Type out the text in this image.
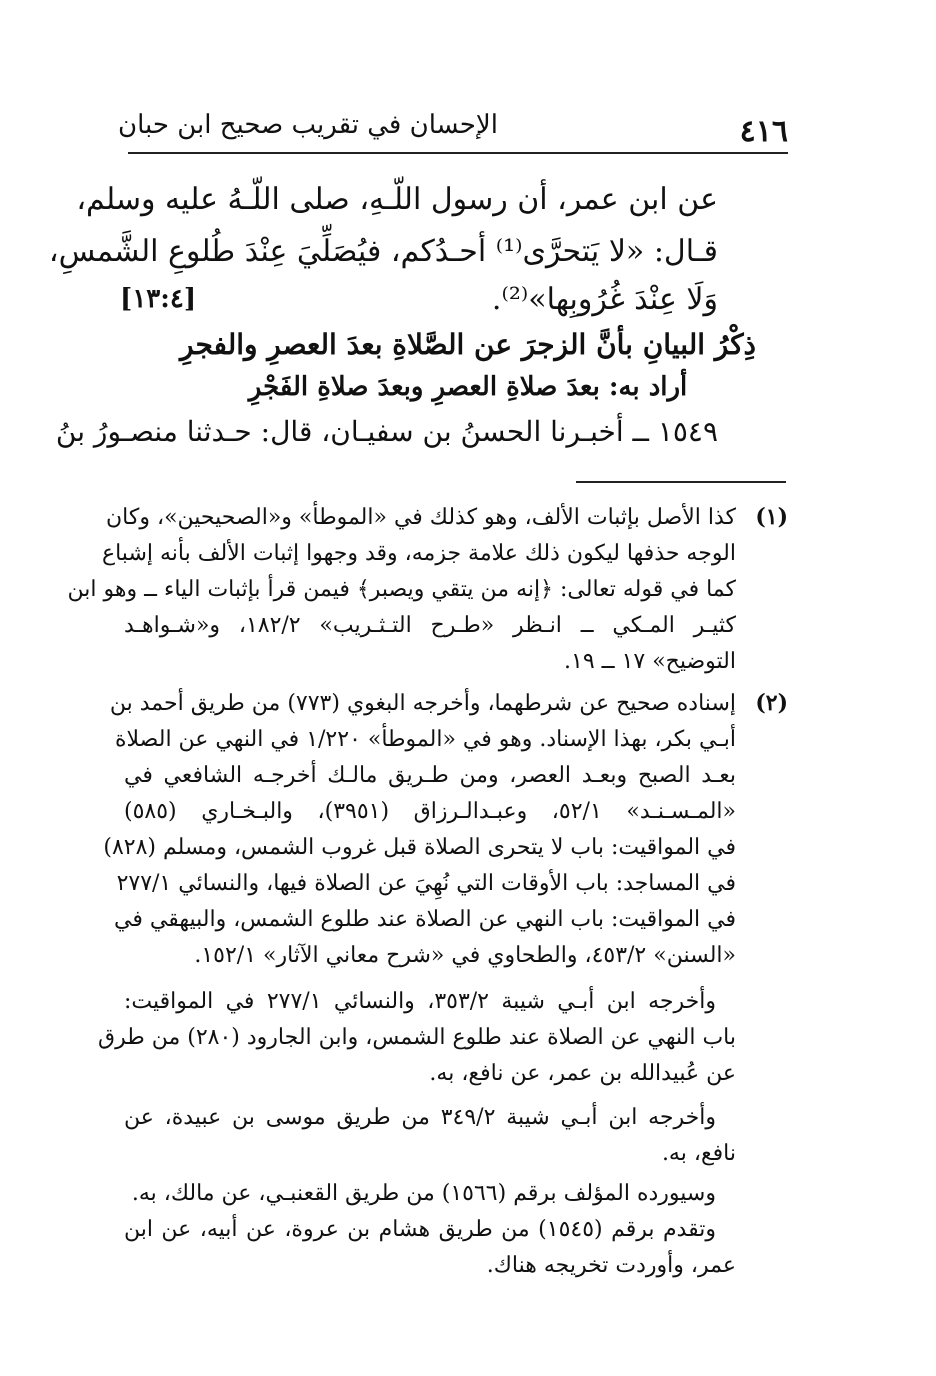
٤١٦
الإحسان في تقريب صحيح ابن حبان
عن ابن عمر، أن رسول اللّـهِ، صلى اللّـهُ عليه وسلم،
قـال: «لا يَتحرَّى⁽¹⁾ أحـدُكم، فيُصَلِّيَ عِنْدَ طُلوعِ الشَّمسِ،
وَلَا عِنْدَ غُرُوبِها»⁽²⁾.
[١٣:٤]
ذِكْرُ البيانِ بأنَّ الزجرَ عن الصَّلاةِ بعدَ العصرِ والفجرِ
أراد به: بعدَ صلاةِ العصرِ وبعدَ صلاةِ الفَجْرِ
١٥٤٩ ــ أخبـرنا الحسنُ بن سفيـان، قال: حـدثنا منصـورُ بنُ
(١)
كذا الأصل بإثبات الألف، وهو كذلك في «الموطأ» و«الصحيحين»، وكان
الوجه حذفها ليكون ذلك علامة جزمه، وقد وجهوا إثبات الألف بأنه إشباع
كما في قوله تعالى: ﴿إنه من يتقي ويصبر﴾ فيمن قرأ بإثبات الياء ــ وهو ابن
كثيـر المـكي ــ انـظر «طـرح التـثـريب» ١٨٢/٢، و«شـواهـد
التوضيح» ١٧ ــ ١٩.
(٢)
إسناده صحيح عن شرطهما، وأخرجه البغوي (٧٧٣) من طريق أحمد بن
أبـي بكر، بهذا الإسناد. وهو في «الموطأ» ١/٢٢٠ في النهي عن الصلاة
بعـد الصبح وبعـد العصر، ومن طـريق مالـك أخرجـه الشافعي في
«المـسـنـد» ٥٢/١، وعبـدالـرزاق (٣٩٥١)، والبـخـاري (٥٨٥)
في المواقيت: باب لا يتحرى الصلاة قبل غروب الشمس، ومسلم (٨٢٨)
في المساجد: باب الأوقات التي نُهِيَ عن الصلاة فيها، والنسائي ٢٧٧/١
في المواقيت: باب النهي عن الصلاة عند طلوع الشمس، والبيهقي في
«السنن» ٤٥٣/٢، والطحاوي في «شرح معاني الآثار» ١٥٢/١.
وأخرجه ابن أبـي شيبة ٣٥٣/٢، والنسائي ٢٧٧/١ في المواقيت:
باب النهي عن الصلاة عند طلوع الشمس، وابن الجارود (٢٨٠) من طرق
عن عُبيدالله بن عمر، عن نافع، به.
وأخرجه ابن أبـي شيبة ٣٤٩/٢ من طريق موسى بن عبيدة، عن
نافع، به.
وسيورده المؤلف برقم (١٥٦٦) من طريق القعنبـي، عن مالك، به.
وتقدم برقم (١٥٤٥) من طريق هشام بن عروة، عن أبيه، عن ابن
عمر، وأوردت تخريجه هناك.
